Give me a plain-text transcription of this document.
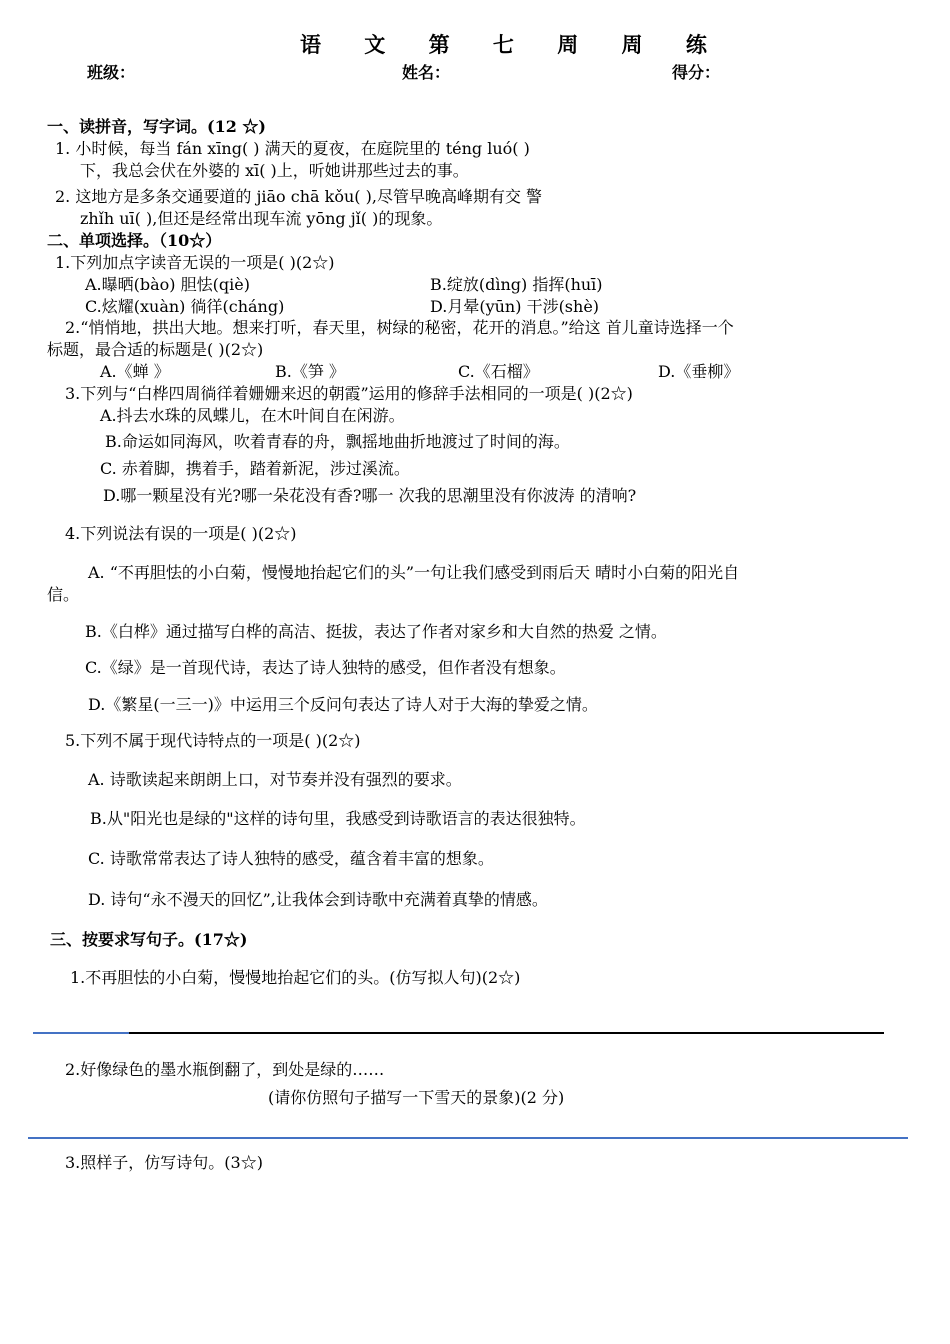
语 文 第 七 周 周 练
班级：	姓名：	得分：
一、读拼音，写字词。(12 ☆)
1. 小时候，每当 fán xīng( ) 满天的夏夜，在庭院里的 téng luó( )
下，我总会伏在外婆的 xī( )上，听她讲那些过去的事。
2. 这地方是多条交通要道的 jiāo chā kǒu( ),尽管早晚高峰期有交 警
zhǐh uī( ),但还是经常出现车流 yōng jǐ( )的现象。
二、单项选择。（10☆）
1.下列加点字读音无误的一项是( )(2☆)
A.曝晒(bào) 胆怯(qiè)	B.绽放(dìng) 指挥(huī)
C.炫耀(xuàn) 徜徉(cháng)	D.月晕(yūn) 干涉(shè)
2.“悄悄地，拱出大地。想来打听，春天里，树绿的秘密，花开的消息。”给这 首儿童诗选择一个
标题，最合适的标题是( )(2☆)
A.《蝉 》	B.《笋 》	C.《石榴》	D.《垂柳》
3.下列与“白桦四周徜徉着姗姗来迟的朝霞”运用的修辞手法相同的一项是( )(2☆)
A.抖去水珠的凤蝶儿，在木叶间自在闲游。
B.命运如同海风，吹着青春的舟，飘摇地曲折地渡过了时间的海。
C. 赤着脚，携着手，踏着新泥，涉过溪流。
D.哪一颗星没有光?哪一朵花没有香?哪一 次我的思潮里没有你波涛 的清响?
4.下列说法有误的一项是( )(2☆)
A. “不再胆怯的小白菊，慢慢地抬起它们的头”一句让我们感受到雨后天 晴时小白菊的阳光自
信。
B.《白桦》通过描写白桦的高洁、挺拔，表达了作者对家乡和大自然的热爱 之情。
C.《绿》是一首现代诗，表达了诗人独特的感受，但作者没有想象。
D.《繁星(一三一)》中运用三个反问句表达了诗人对于大海的挚爱之情。
5.下列不属于现代诗特点的一项是( )(2☆)
A. 诗歌读起来朗朗上口，对节奏并没有强烈的要求。
B.从"阳光也是绿的"这样的诗句里，我感受到诗歌语言的表达很独特。
C. 诗歌常常表达了诗人独特的感受，蕴含着丰富的想象。
D. 诗句“永不漫天的回忆”,让我体会到诗歌中充满着真挚的情感。
三、按要求写句子。(17☆)
1.不再胆怯的小白菊，慢慢地抬起它们的头。(仿写拟人句)(2☆)
2.好像绿色的墨水瓶倒翻了，到处是绿的……
(请你仿照句子描写一下雪天的景象)(2 分)
3.照样子，仿写诗句。(3☆)
